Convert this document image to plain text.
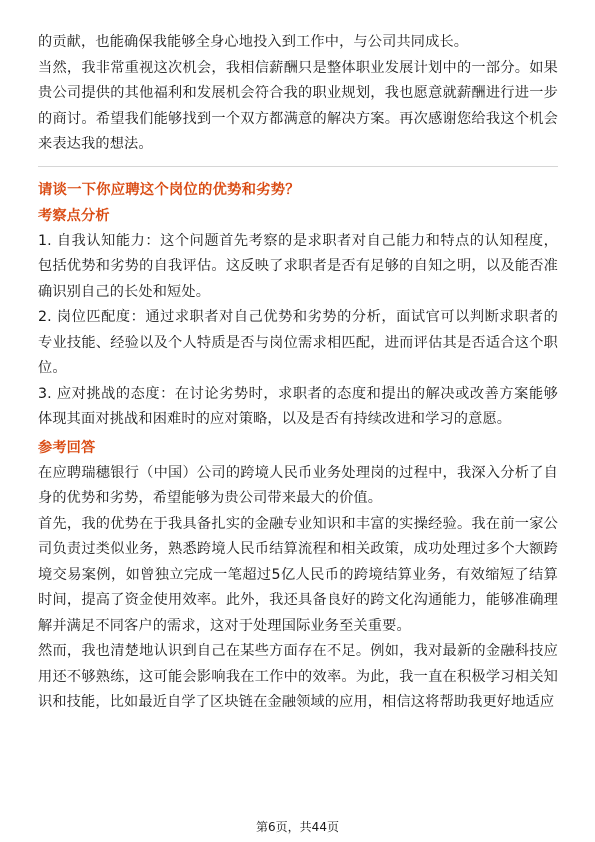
的贡献，也能确保我能够全身心地投入到工作中，与公司共同成长。

当然，我非常重视这次机会，我相信薪酬只是整体职业发展计划中的一部分。如果贵公司提供的其他福利和发展机会符合我的职业规划，我也愿意就薪酬进行进一步的商讨。希望我们能够找到一个双方都满意的解决方案。再次感谢您给我这个机会来表达我的想法。

请谈一下你应聘这个岗位的优势和劣势？

考察点分析

1. 自我认知能力：这个问题首先考察的是求职者对自己能力和特点的认知程度，包括优势和劣势的自我评估。这反映了求职者是否有足够的自知之明，以及能否准确识别自己的长处和短处。

2. 岗位匹配度：通过求职者对自己优势和劣势的分析，面试官可以判断求职者的专业技能、经验以及个人特质是否与岗位需求相匹配，进而评估其是否适合这个职位。

3. 应对挑战的态度：在讨论劣势时，求职者的态度和提出的解决或改善方案能够体现其面对挑战和困难时的应对策略，以及是否有持续改进和学习的意愿。

参考回答

在应聘瑞穗银行（中国）公司的跨境人民币业务处理岗的过程中，我深入分析了自身的优势和劣势，希望能够为贵公司带来最大的价值。

首先，我的优势在于我具备扎实的金融专业知识和丰富的实操经验。我在前一家公司负责过类似业务，熟悉跨境人民币结算流程和相关政策，成功处理过多个大额跨境交易案例，如曾独立完成一笔超过5亿人民币的跨境结算业务，有效缩短了结算时间，提高了资金使用效率。此外，我还具备良好的跨文化沟通能力，能够准确理解并满足不同客户的需求，这对于处理国际业务至关重要。

然而，我也清楚地认识到自己在某些方面存在不足。例如，我对最新的金融科技应用还不够熟练，这可能会影响我在工作中的效率。为此，我一直在积极学习相关知识和技能，比如最近自学了区块链在金融领域的应用，相信这将帮助我更好地适应

第6页，共44页
